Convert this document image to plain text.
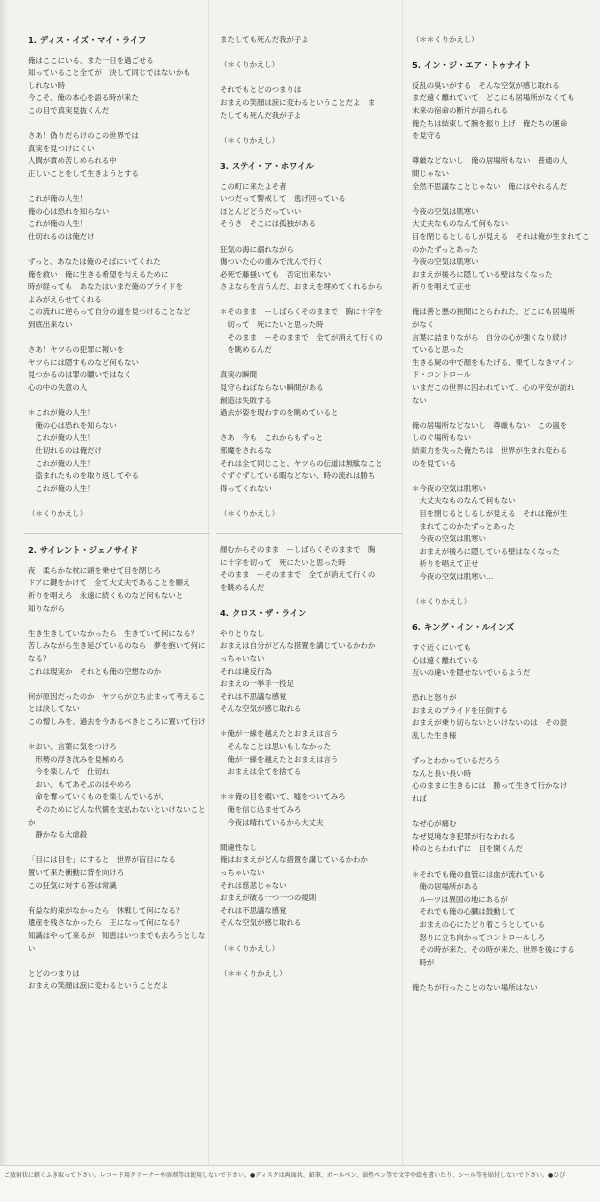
1. ディス・イズ・マイ・ライフ
俺はここにいる、また一日を過ごせる
知っていること全てが　決して同じではないかも
しれない時
今こそ、俺の本心を語る時が来た
この目で真実見抜くんだ
さあ！偽りだらけのこの世界では
真実を見つけにくい
人間が責め苦しめられる中
正しいことをして生きようとする
これが俺の人生！
俺の心は恐れを知らない
これが俺の人生！
仕切れるのは俺だけ
ずっと、あなたは俺のそばにいてくれた
俺を救い　俺に生きる希望を与えるために
時が経っても　あなたはいまだ俺のプライドを
よみがえらせてくれる
この流れに逆らって自分の道を見つけることなど
到底出来ない
さあ！ヤツらの犯罪に報いを
ヤツらには隠すものなど何もない
見つかるのは罪の贖いではなく
心の中の失意の人
＊これが俺の人生！
　俺の心は恐れを知らない
　これが俺の人生！
　仕切れるのは俺だけ
　これが俺の人生！
　盗まれたものを取り返してやる
　これが俺の人生！
（＊くりかえし）
2. サイレント・ジェノサイド
夜　柔らかな枕に頭を乗せて目を閉じろ
ドアに鍵をかけて　全て大丈夫であることを願え
祈りを唱えろ　永遠に続くものなど何もないと
知りながら
生き生きしていなかったら　生きていて何になる？
苦しみながら生き延びているのなら　夢を抱いて何になる？
これは現実か　それとも俺の空想なのか
何が原因だったのか　ヤツらが立ち止まって考えることは決してない
この憎しみを、過去を今あるべきところに置いて行け
＊おい、言葉に気をつけろ
　形勢の浮き沈みを見極めろ
　今を楽しんで　仕切れ
　おい、もてあそぶのはやめろ
　命を奪っていくものを楽しんでいるが、
　そのためにどんな代償を支払わないといけないことか
　静かなる大虐殺
「目には目を」にすると　世界が盲目になる
置いて来た衝動に背を向けろ
この狂気に対する答は常識
有益な約束がなかったら　休戦して何になる？
遺産を残さなかったら　王になって何になる？
知識はやって来るが　知恵はいつまでも去ろうとしない
とどのつまりは
おまえの笑顔は涙に変わるということだよ
またしても死んだ我が子よ
（＊くりかえし）
それでもとどのつまりは
おまえの笑顔は涙に変わるということだよ　ま
たしても死んだ我が子よ
（＊くりかえし）
3. ステイ・ア・ホワイル
この町に来たよそ者
いつだって警戒して　逃げ回っている
ほとんどどうだっていい
そうさ　そこには孤独がある
狂気の海に溺れながら
傷ついた心の重みで沈んで行く
必死で藤掻いても　否定出来ない
さよならを言うんだ、おまえを埋めてくれるから
＊そのまま　ーしばらくそのままで　胸に十字を
　切って　死にたいと思った時
　そのまま　ーそのままで　全てが消えて行くの
　を眺めるんだ
真実の瞬間
見守らねばならない瞬間がある
創造は失敗する
過去が姿を現わすのを眺めていると
さあ　今も　これからもずっと
邪魔をされるな
それは全て同じこと、ヤツらの伝道は無駄なこと
ぐずぐずしている暇などない、時の流れは勝ち
得ってくれない
（＊くりかえし）
顔むからそのまま　ーしばらくそのままで　胸
に十字を切って　死にたいと思った時
そのまま　ーそのままで　全てが消えて行くの
を眺めるんだ
4. クロス・ザ・ライン
やりとりなし
おまえは自分がどんな措置を講じているかわか
っちゃいない
それは違反行為
おまえの一挙手一投足
それは不思議な感覚
そんな空気が感じ取れる
＊俺が一線を越えたとおまえは言う
　そんなことは思いもしなかった
　俺が一線を越えたとおまえは言う
　おまえは全てを捨てる
＊＊俺の目を覗いて、嘘をついてみろ
　俺を信じ込ませてみろ
　今夜は晴れているから大丈夫
間違性なし
俺はおまえがどんな措置を講じているかわか
っちゃいない
それは慈悲じゃない
おまえが破る一つ一つの規則
それは不思議な感覚
そんな空気が感じ取れる
（＊くりかえし）
（＊＊くりかえし）
（＊＊くりかえし）
5. イン・ジ・エア・トゥナイト
反乱の臭いがする　そんな空気が感じ取れる
まだ遠く離れていて　どこにも居場所がなくても
未来の宿命の断片が語られる
俺たちは結束して腕を振り上げ　俺たちの運命
を見守る
尊厳などないし　俺の居場所もない　普通の人
間じゃない
全然不思議なことじゃない　俺にはやれるんだ
今夜の空気は肌寒い
大丈夫なものなんて何もない
目を閉じるとしるしが見える　それは俺が生まれてこのかたずっとあった
今夜の空気は肌寒い
おまえが後ろに隠している壁はなくなった
祈りを唱えて正せ
俺は善と悪の狭間にとらわれた、どこにも居場所
がなく
言葉に詰まりながら　自分の心が強くなり続け
ていると思った
生きる屍の中で顔をもたげる、果てしなきマイン
ド・コントロール
いまだこの世界に囚われていて、心の平安が訪れ
ない
俺の居場所などないし　尊厳もない　この嵐を
しのぐ場所もない
結束力を失った俺たちは　世界が生まれ変わる
のを見ている
＊今夜の空気は肌寒い
　大丈夫なものなんて何もない
　目を閉じるとしるしが見える　それは俺が生
　まれてこのかたずっとあった
　今夜の空気は肌寒い
　おまえが後ろに隠している壁はなくなった
　祈りを唱えて正せ
　今夜の空気は肌寒い…
（＊くりかえし）
6. キング・イン・ルインズ
すぐ近くにいても
心は遠く離れている
互いの違いを隠せないでいるようだ
恐れと怒りが
おまえのプライドを圧倒する
おまえが乗り切らないといけないのは　その混
乱した生き様
ずっとわかっているだろう
なんと長い長い時
心のままに生きるには　勝って生きて行かなけ
れば
なぜ心が痛む
なぜ見境なき犯罪が行なわれる
枠のとらわれずに　目を開くんだ
＊それでも俺の血管には血が流れている
　俺の居場所がある
　ルーツは異国の地にあるが
　それでも俺の心臓は鼓動して
　おまえの心にたどり着こうとしている
　怒りに立ち向かってコントロールしろ
　その時が来た、その時が来た、世界を後にする
　時が
俺たちが行ったことのない場所はない
ご放射状に軽くふき取って下さい。レコード用クリーナーや溶剤等は使用しないで下さい。●ディスクは両面共、鉛筆、ボールペン、油性ペン等で文字や絵を書いたり、シール等を貼付しないで下さい。●ひび
